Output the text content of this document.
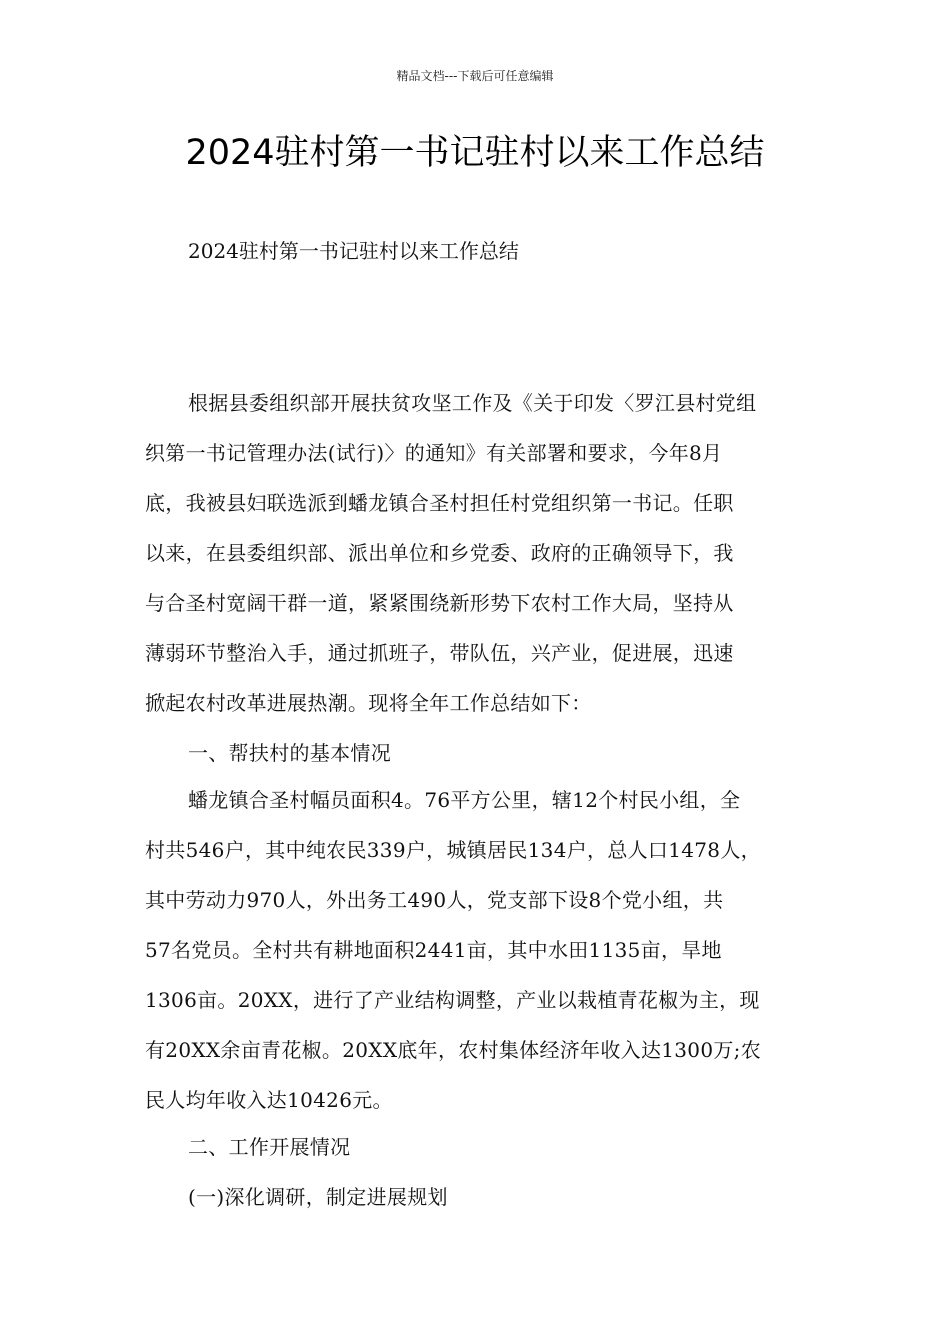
精品文档---下载后可任意编辑
2024驻村第一书记驻村以来工作总结
2024驻村第一书记驻村以来工作总结
根据县委组织部开展扶贫攻坚工作及《关于印发〈罗江县村党组
织第一书记管理办法(试行)〉的通知》有关部署和要求，今年8月
底，我被县妇联选派到蟠龙镇合圣村担任村党组织第一书记。任职
以来，在县委组织部、派出单位和乡党委、政府的正确领导下，我
与合圣村宽阔干群一道，紧紧围绕新形势下农村工作大局，坚持从
薄弱环节整治入手，通过抓班子，带队伍，兴产业，促进展，迅速
掀起农村改革进展热潮。现将全年工作总结如下：
一、帮扶村的基本情况
蟠龙镇合圣村幅员面积4。76平方公里，辖12个村民小组，全
村共546户，其中纯农民339户，城镇居民134户，总人口1478人，
其中劳动力970人，外出务工490人，党支部下设8个党小组，共
57名党员。全村共有耕地面积2441亩，其中水田1135亩，旱地
1306亩。20XX，进行了产业结构调整，产业以栽植青花椒为主，现
有20XX余亩青花椒。20XX底年，农村集体经济年收入达1300万;农
民人均年收入达10426元。
二、工作开展情况
(一)深化调研，制定进展规划
